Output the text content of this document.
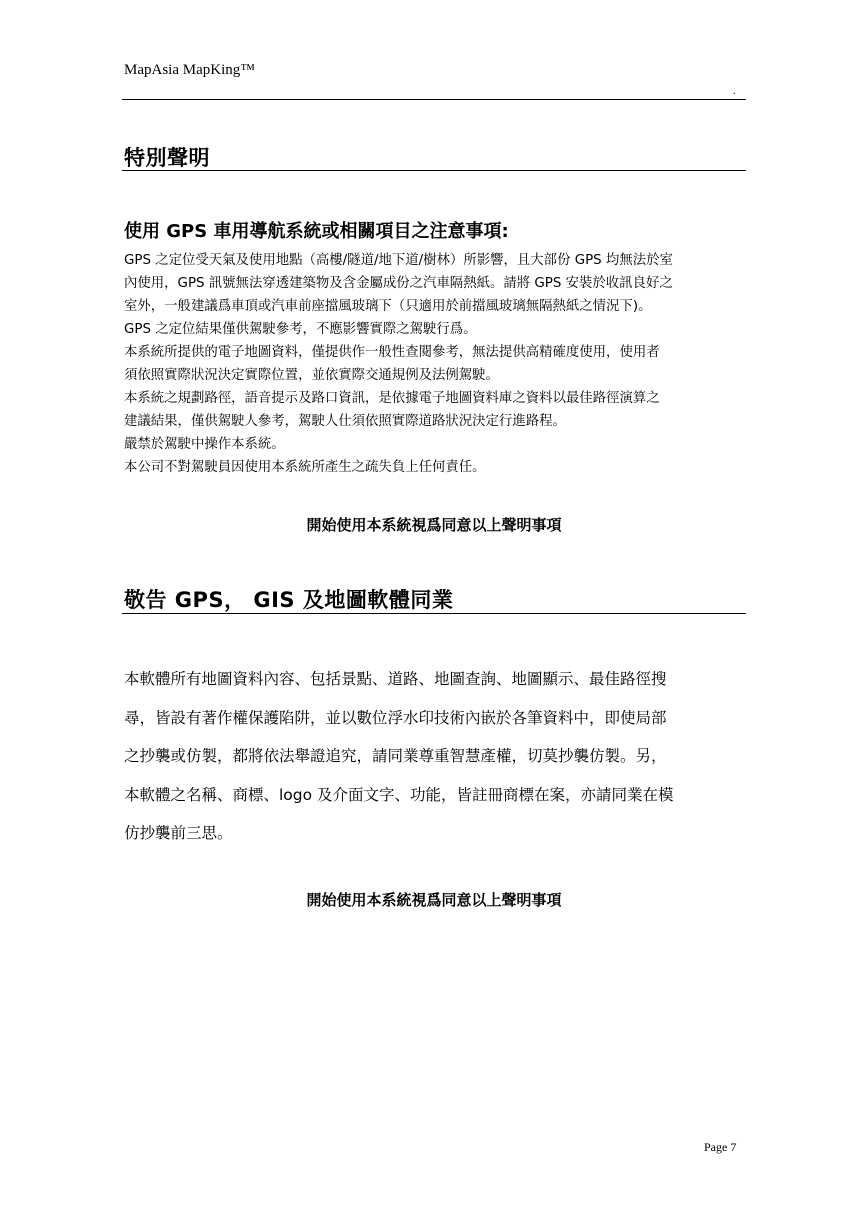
MapAsia MapKing™
.
特別聲明
使用 GPS 車用導航系統或相關項目之注意事項:

GPS 之定位受天氣及使用地點（高樓/隧道/地下道/樹林）所影響，且大部份 GPS 均無法於室

內使用，GPS 訊號無法穿透建築物及含金屬成份之汽車隔熱紙。請將 GPS 安裝於收訊良好之

室外，一般建議爲車頂或汽車前座擋風玻璃下（只適用於前擋風玻璃無隔熱紙之情況下)。

GPS 之定位結果僅供駕駛參考，不應影響實際之駕駛行爲。

本系統所提供的電子地圖資料，僅提供作一般性查閱參考，無法提供高精確度使用，使用者

須依照實際狀況決定實際位置，並依實際交通規例及法例駕駛。

本系統之規劃路徑，語音提示及路口資訊，是依據電子地圖資料庫之資料以最佳路徑演算之

建議結果，僅供駕駛人參考，駕駛人仕須依照實際道路狀況決定行進路程。

嚴禁於駕駛中操作本系統。

本公司不對駕駛員因使用本系統所產生之疏失負上任何責任。

開始使用本系統視爲同意以上聲明事項
敬告 GPS， GIS 及地圖軟體同業

本軟體所有地圖資料內容、包括景點、道路、地圖查詢、地圖顯示、最佳路徑搜

尋，皆設有著作權保護陷阱，並以數位浮水印技術內嵌於各筆資料中，即使局部

之抄襲或仿製，都將依法舉證追究，請同業尊重智慧產權，切莫抄襲仿製。另，

本軟體之名稱、商標、logo 及介面文字、功能，皆註冊商標在案，亦請同業在模

仿抄襲前三思。

開始使用本系統視爲同意以上聲明事項
Page 7
